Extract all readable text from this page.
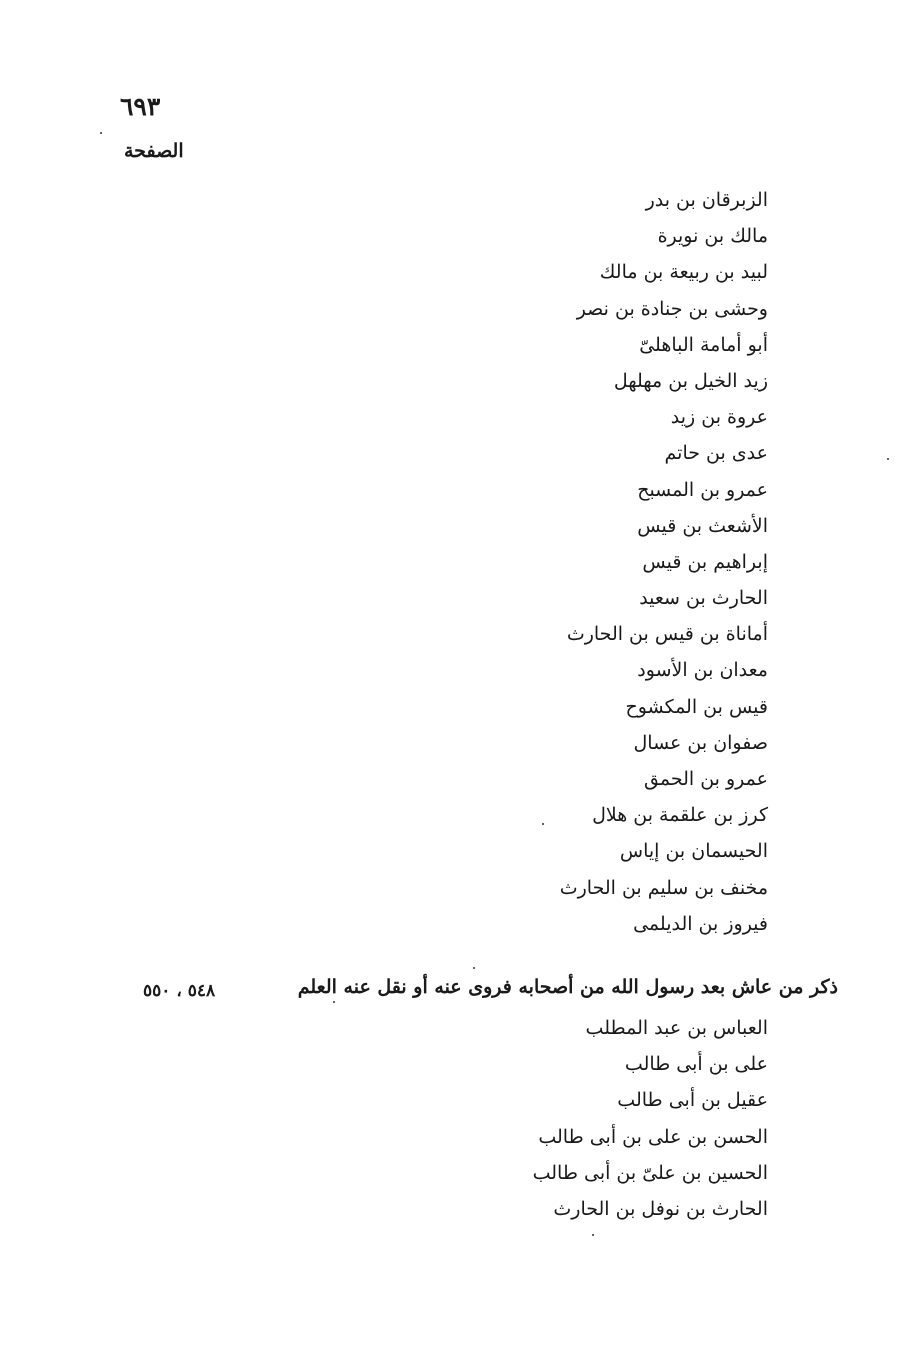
٦٩٣
الصفحة
الزبرقان بن بدر
مالك بن نويرة
لبيد بن ربيعة بن مالك
وحشى بن جنادة بن نصر
أبو أمامة الباهلىّ
زيد الخيل بن مهلهل
عروة بن زيد
عدى بن حاتم
عمرو بن المسبح
الأشعث بن قيس
إبراهيم بن قيس
الحارث بن سعيد
أماناة بن قيس بن الحارث
معدان بن الأسود
قيس بن المكشوح
صفوان بن عسال
عمرو بن الحمق
كرز بن علقمة بن هلال
الحيسمان بن إياس
مخنف بن سليم بن الحارث
فيروز بن الديلمى
ذكر من عاش بعد رسول الله من أصحابه فروى عنه أو نقل عنه العلم
٥٤٨ ، ٥٥٠
العباس بن عبد المطلب
على بن أبى طالب
عقيل بن أبى طالب
الحسن بن على بن أبى طالب
الحسين بن علىّ بن أبى طالب
الحارث بن نوفل بن الحارث
